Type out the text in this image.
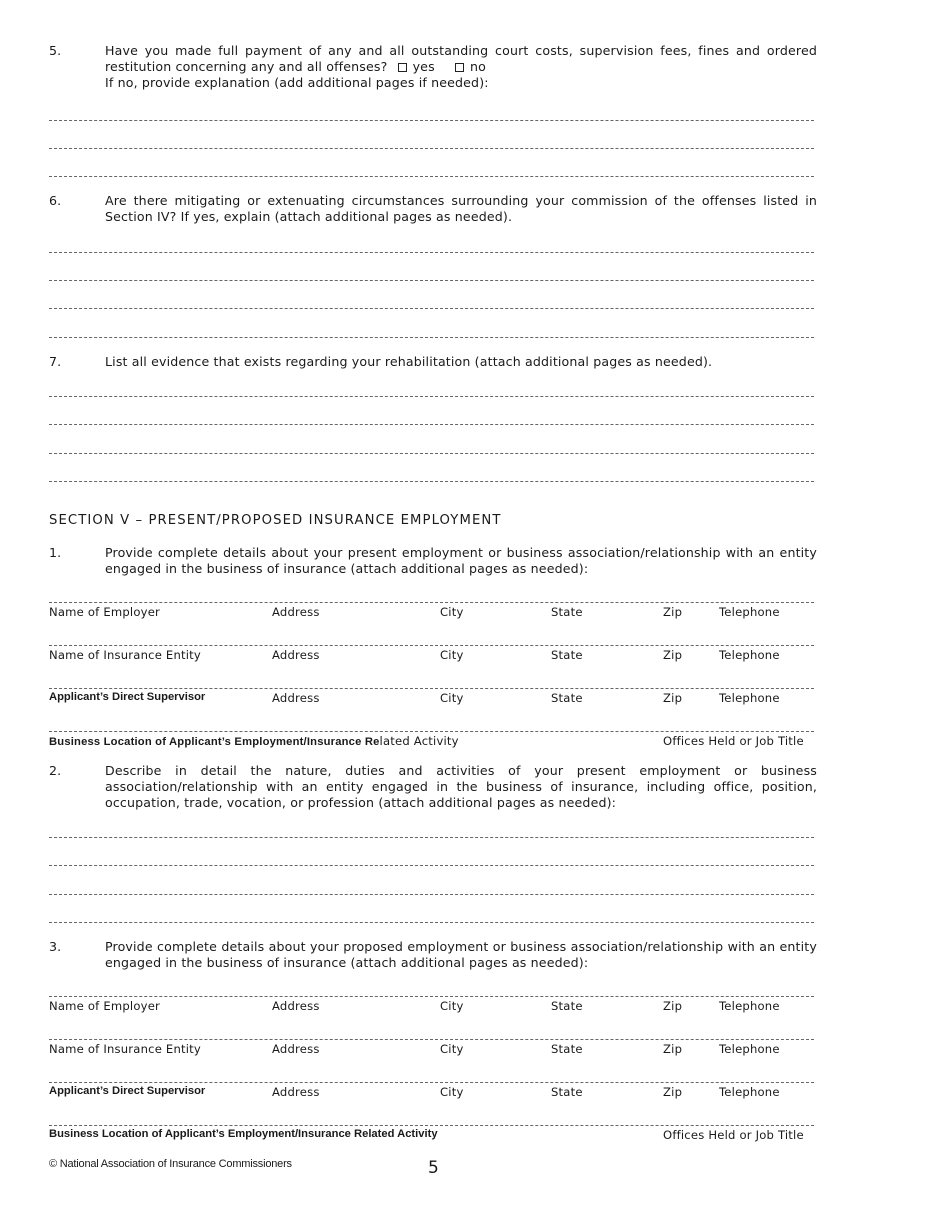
5.	Have you made full payment of any and all outstanding court costs, supervision fees, fines and ordered restitution concerning any and all offenses? yes	no
If no, provide explanation (add additional pages if needed):
6.	Are there mitigating or extenuating circumstances surrounding your commission of the offenses listed in Section IV? If yes, explain (attach additional pages as needed).
7.	List all evidence that exists regarding your rehabilitation (attach additional pages as needed).
SECTION V – PRESENT/PROPOSED INSURANCE EMPLOYMENT
1.	Provide complete details about your present employment or business association/relationship with an entity engaged in the business of insurance (attach additional pages as needed):
Name of Employer	Address	City	State	Zip	Telephone
Name of Insurance Entity	Address	City	State	Zip	Telephone
Applicant’s Direct Supervisor	Address	City	State	Zip	Telephone
Business Location of Applicant’s Employment/Insurance Related Activity	Offices Held or Job Title
2.	Describe in detail the nature, duties and activities of your present employment or business association/relationship with an entity engaged in the business of insurance, including office, position, occupation, trade, vocation, or profession (attach additional pages as needed):
3.	Provide complete details about your proposed employment or business association/relationship with an entity engaged in the business of insurance (attach additional pages as needed):
Name of Employer	Address	City	State	Zip	Telephone
Name of Insurance Entity	Address	City	State	Zip	Telephone
Applicant’s Direct Supervisor	Address	City	State	Zip	Telephone
Business Location of Applicant’s Employment/Insurance Related Activity	Offices Held or Job Title
© National Association of Insurance Commissioners	5
